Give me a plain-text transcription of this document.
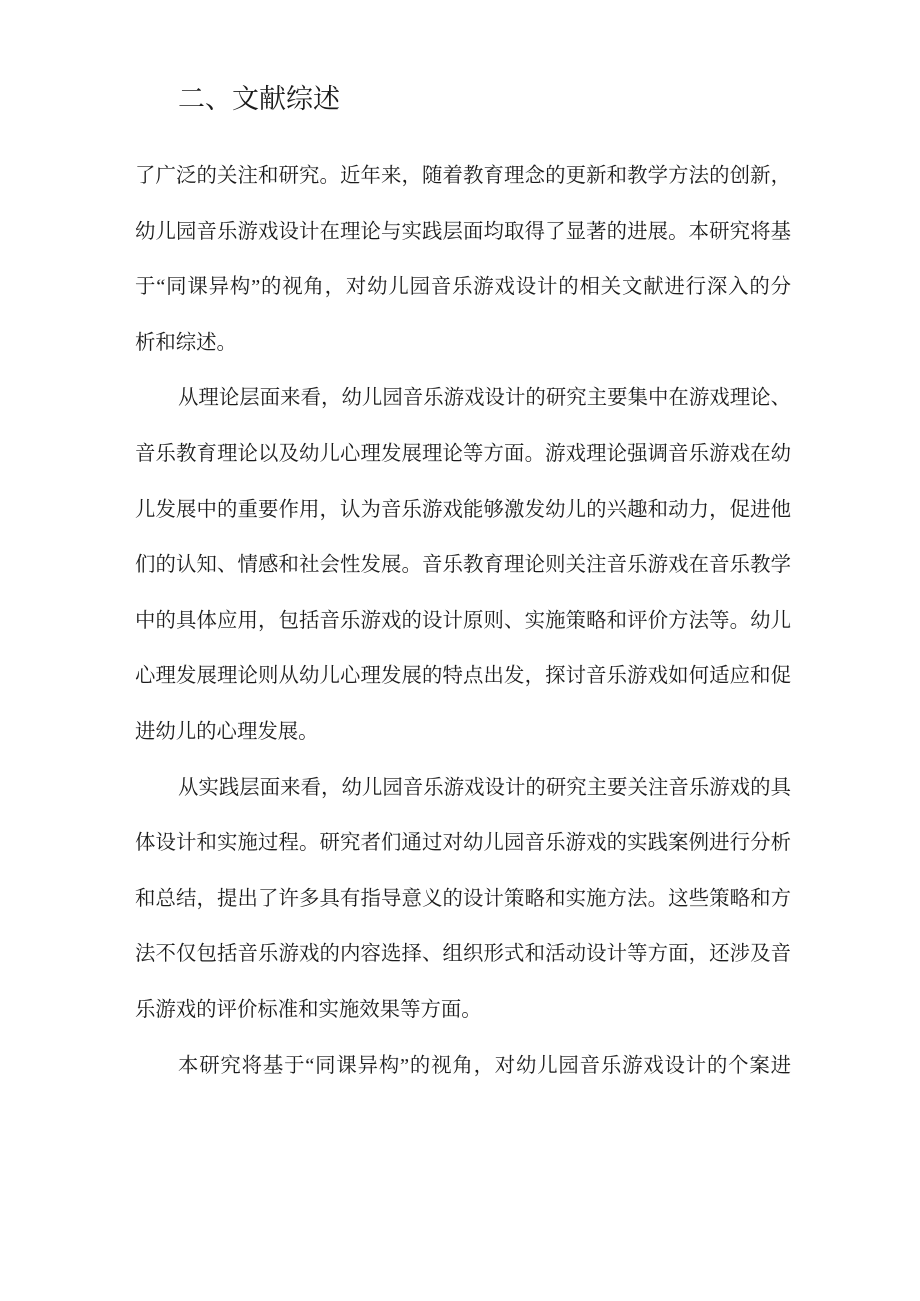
二、文献综述
了广泛的关注和研究。近年来，随着教育理念的更新和教学方法的创新，
幼儿园音乐游戏设计在理论与实践层面均取得了显著的进展。本研究将基
于“同课异构”的视角，对幼儿园音乐游戏设计的相关文献进行深入的分
析和综述。
从理论层面来看，幼儿园音乐游戏设计的研究主要集中在游戏理论、
音乐教育理论以及幼儿心理发展理论等方面。游戏理论强调音乐游戏在幼
儿发展中的重要作用，认为音乐游戏能够激发幼儿的兴趣和动力，促进他
们的认知、情感和社会性发展。音乐教育理论则关注音乐游戏在音乐教学
中的具体应用，包括音乐游戏的设计原则、实施策略和评价方法等。幼儿
心理发展理论则从幼儿心理发展的特点出发，探讨音乐游戏如何适应和促
进幼儿的心理发展。
从实践层面来看，幼儿园音乐游戏设计的研究主要关注音乐游戏的具
体设计和实施过程。研究者们通过对幼儿园音乐游戏的实践案例进行分析
和总结，提出了许多具有指导意义的设计策略和实施方法。这些策略和方
法不仅包括音乐游戏的内容选择、组织形式和活动设计等方面，还涉及音
乐游戏的评价标准和实施效果等方面。
本研究将基于“同课异构”的视角，对幼儿园音乐游戏设计的个案进
